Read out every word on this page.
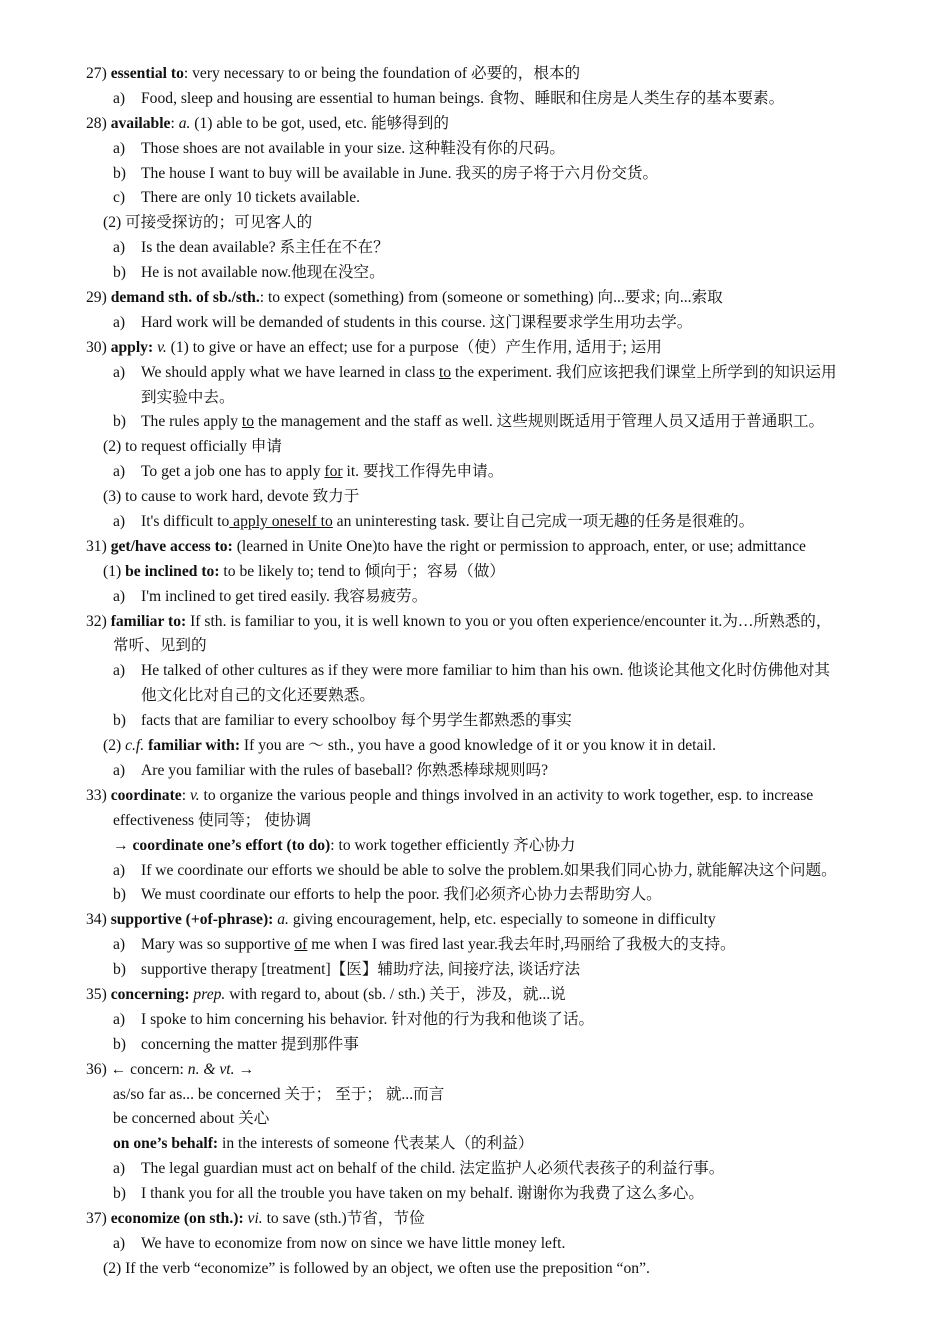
27) essential to: very necessary to or being the foundation of 必要的，根本的
a) Food, sleep and housing are essential to human beings. 食物、睡眠和住房是人类生存的基本要素。
28) available: a. (1) able to be got, used, etc. 能够得到的
a) Those shoes are not available in your size. 这种鞋没有你的尺码。
b) The house I want to buy will be available in June. 我买的房子将于六月份交货。
c) There are only 10 tickets available.
(2) 可接受探访的；可见客人的
a) Is the dean available? 系主任在不在？
b) He is not available now.他现在没空。
29) demand sth. of sb./sth.: to expect (something) from (someone or something) 向...要求; 向...索取
a) Hard work will be demanded of students in this course. 这门课程要求学生用功去学。
30) apply: v. (1) to give or have an effect; use for a purpose（使）产生作用, 适用于; 运用
a) We should apply what we have learned in class to the experiment. 我们应该把我们课堂上所学到的知识运用
到实验中去。
b) The rules apply to the management and the staff as well. 这些规则既适用于管理人员又适用于普通职工。
(2) to request officially 申请
a) To get a job one has to apply for it. 要找工作得先申请。
(3) to cause to work hard, devote 致力于
a) It's difficult to apply oneself to an uninteresting task. 要让自己完成一项无趣的任务是很难的。
31) get/have access to: (learned in Unite One)to have the right or permission to approach, enter, or use; admittance
(1) be inclined to: to be likely to; tend to 倾向于；容易（做）
a) I'm inclined to get tired easily. 我容易疲劳。
32) familiar to: If sth. is familiar to you, it is well known to you or you often experience/encounter it.为…所熟悉的，
常听、见到的
a) He talked of other cultures as if they were more familiar to him than his own. 他谈论其他文化时仿佛他对其
他文化比对自己的文化还要熟悉。
b) facts that are familiar to every schoolboy 每个男学生都熟悉的事实
(2) c.f. familiar with: If you are ～ sth., you have a good knowledge of it or you know it in detail.
a) Are you familiar with the rules of baseball? 你熟悉棒球规则吗?
33) coordinate: v. to organize the various people and things involved in an activity to work together, esp. to increase
effectiveness 使同等； 使协调
→ coordinate one’s effort (to do): to work together efficiently 齐心协力
a) If we coordinate our efforts we should be able to solve the problem.如果我们同心协力, 就能解决这个问题。
b) We must coordinate our efforts to help the poor. 我们必须齐心协力去帮助穷人。
34) supportive (+of-phrase): a. giving encouragement, help, etc. especially to someone in difficulty
a) Mary was so supportive of me when I was fired last year.我去年时,玛丽给了我极大的支持。
b) supportive therapy [treatment]【医】辅助疗法, 间接疗法, 谈话疗法
35) concerning: prep. with regard to, about (sb. / sth.) 关于，涉及，就...说
a) I spoke to him concerning his behavior. 针对他的行为我和他谈了话。
b) concerning the matter 提到那件事
36) ← concern: n. & vt. →
as/so far as... be concerned 关于； 至于； 就...而言
be concerned about 关心
on one’s behalf: in the interests of someone 代表某人（的利益）
a) The legal guardian must act on behalf of the child. 法定监护人必须代表孩子的利益行事。
b) I thank you for all the trouble you have taken on my behalf. 谢谢你为我费了这么多心。
37) economize (on sth.): vi. to save (sth.)节省，节俭
a) We have to economize from now on since we have little money left.
(2) If the verb “economize” is followed by an object, we often use the preposition “on”.
